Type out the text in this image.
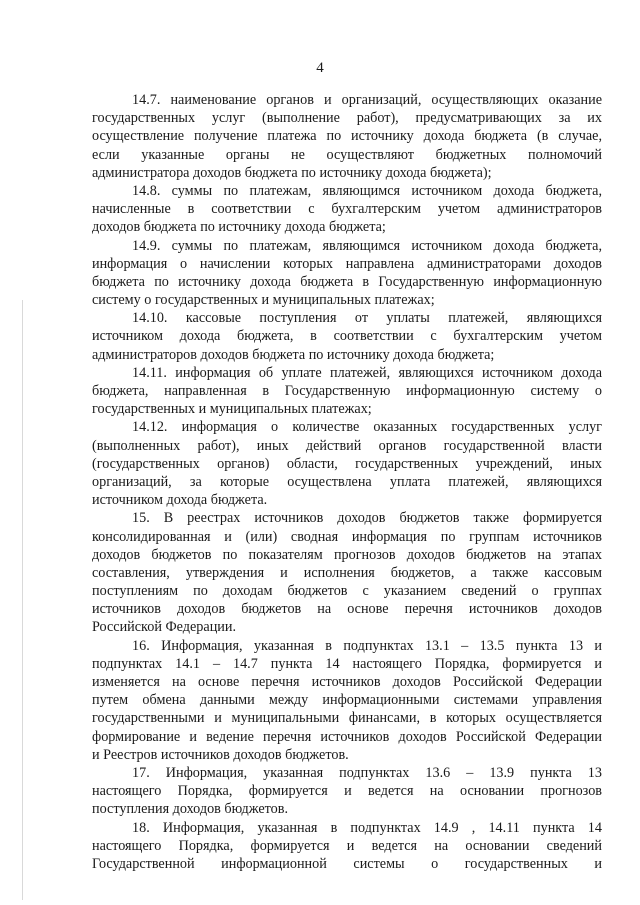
4
14.7. наименование органов и организаций, осуществляющих оказание
государственных услуг (выполнение работ), предусматривающих за их
осуществление получение платежа по источнику дохода бюджета (в случае,
если указанные органы не осуществляют бюджетных полномочий
администратора доходов бюджета по источнику дохода бюджета);
14.8. суммы по платежам, являющимся источником дохода бюджета,
начисленные в соответствии с бухгалтерским учетом администраторов
доходов бюджета по источнику дохода бюджета;
14.9. суммы по платежам, являющимся источником дохода бюджета,
информация о начислении которых направлена администраторами доходов
бюджета по источнику дохода бюджета в Государственную информационную
систему о государственных и муниципальных платежах;
14.10. кассовые поступления от уплаты платежей, являющихся
источником дохода бюджета, в соответствии с бухгалтерским учетом
администраторов доходов бюджета по источнику дохода бюджета;
14.11. информация об уплате платежей, являющихся источником дохода
бюджета, направленная в Государственную информационную систему о
государственных и муниципальных платежах;
14.12. информация о количестве оказанных государственных услуг
(выполненных работ), иных действий органов государственной власти
(государственных органов) области, государственных учреждений, иных
организаций, за которые осуществлена уплата платежей, являющихся
источником дохода бюджета.
15. В реестрах источников доходов бюджетов также формируется
консолидированная и (или) сводная информация по группам источников
доходов бюджетов по показателям прогнозов доходов бюджетов на этапах
составления, утверждения и исполнения бюджетов, а также кассовым
поступлениям по доходам бюджетов с указанием сведений о группах
источников доходов бюджетов на основе перечня источников доходов
Российской Федерации.
16. Информация, указанная в подпунктах 13.1 – 13.5 пункта 13 и
подпунктах 14.1 – 14.7 пункта 14 настоящего Порядка, формируется и
изменяется на основе перечня источников доходов Российской Федерации
путем обмена данными между информационными системами управления
государственными и муниципальными финансами, в которых осуществляется
формирование и ведение перечня источников доходов Российской Федерации
и Реестров источников доходов бюджетов.
17. Информация, указанная подпунктах 13.6 – 13.9 пункта 13
настоящего Порядка, формируется и ведется на основании прогнозов
поступления доходов бюджетов.
18. Информация, указанная в подпунктах 14.9 , 14.11 пункта 14
настоящего Порядка, формируется и ведется на основании сведений
Государственной информационной системы о государственных и
